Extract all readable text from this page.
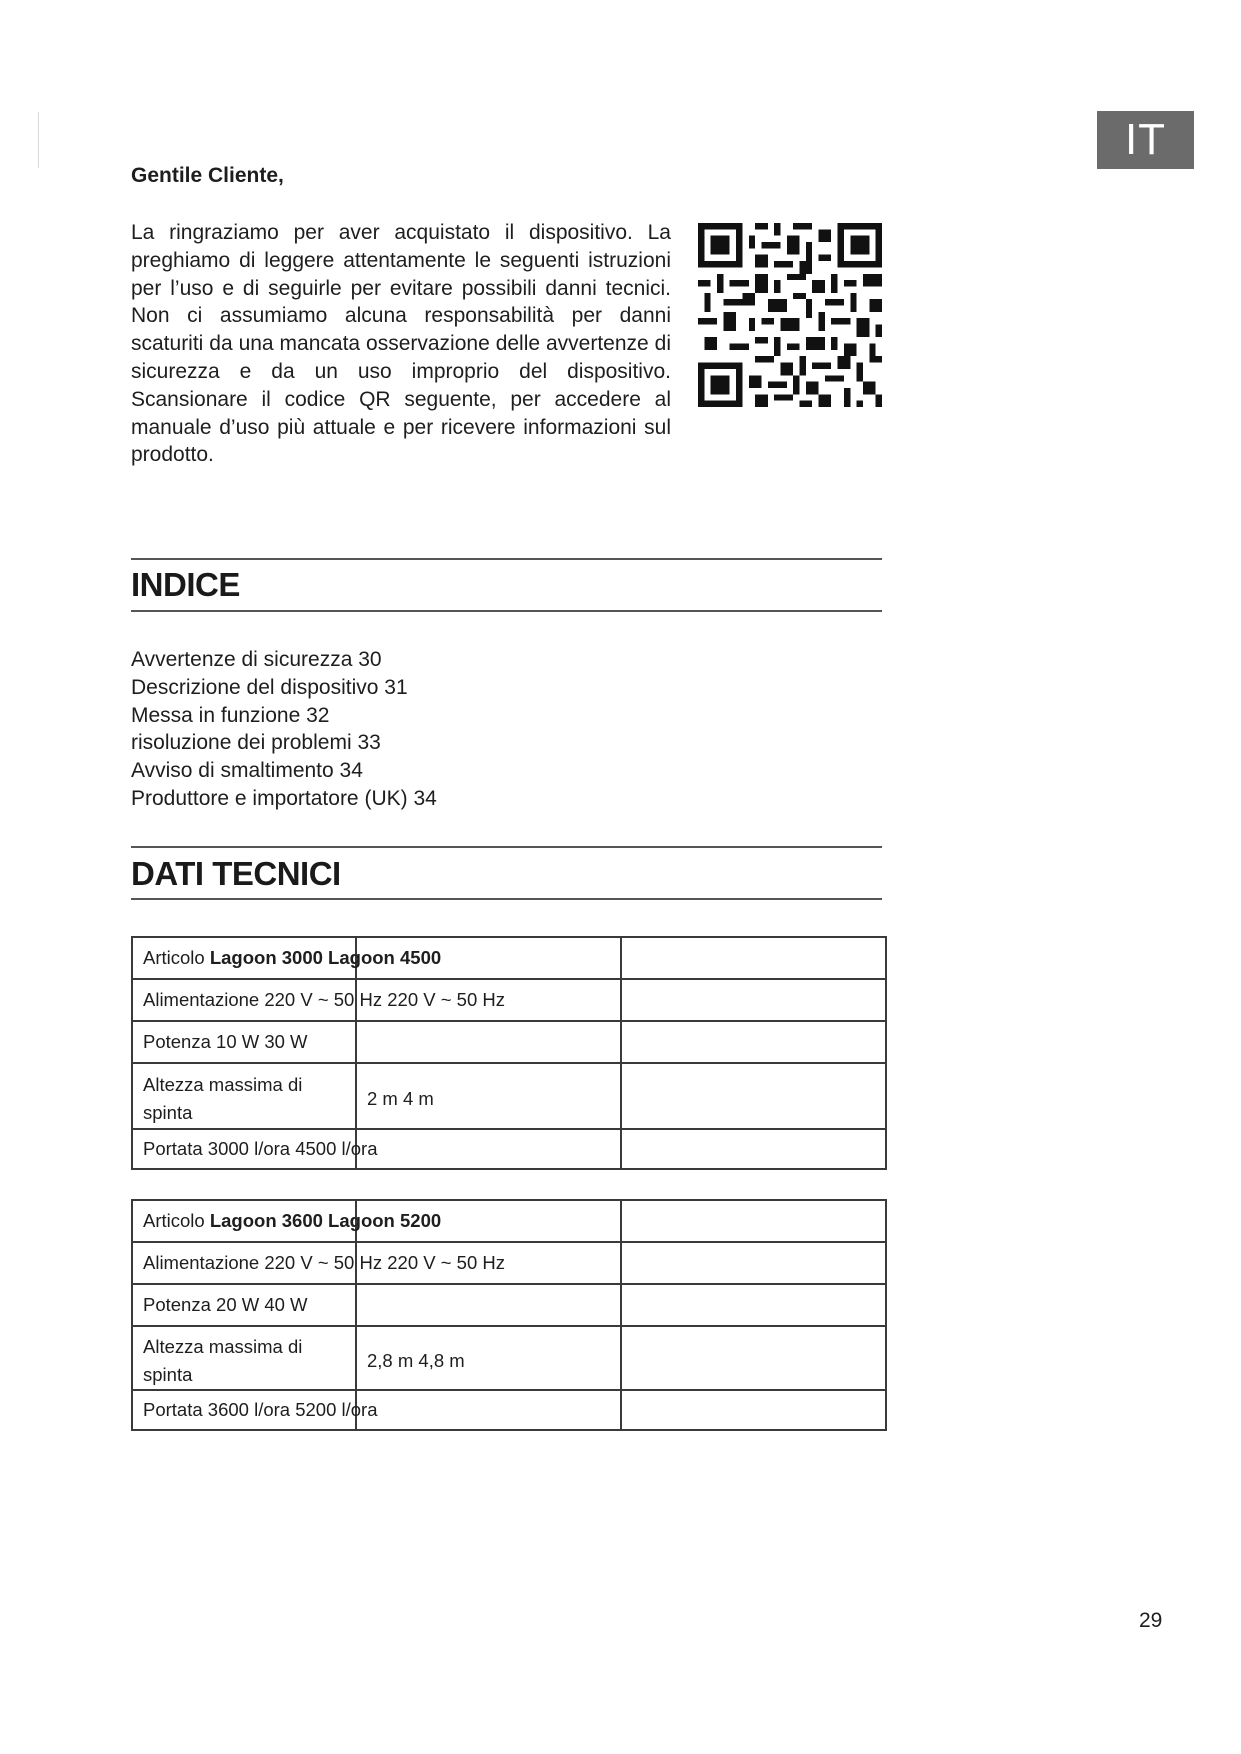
IT
Gentile Cliente,

La ringraziamo per aver acquistato il dispositivo. La preghiamo di leggere attentamente le seguenti istruzioni per l’uso e di seguirle per evitare possibili danni tecnici. Non ci assumiamo alcuna responsabilità per danni scaturiti da una mancata osservazione delle avvertenze di sicurezza e da un uso improprio del dispositivo. Scansionare il codice QR seguente, per accedere al manuale d’uso più attuale e per ricevere informazioni sul prodotto.

INDICE
Avvertenze di sicurezza 30
Descrizione del dispositivo 31
Messa in funzione 32
risoluzione dei problemi 33
Avviso di smaltimento 34
Produttore e importatore (UK) 34
DATI TECNICI
Articolo Lagoon 3000 Lagoon 4500		
Alimentazione 220 V ~ 50 Hz 220 V ~ 50 Hz		
Potenza 10 W 30 W		
Altezza massima di spinta	2 m 4 m	
Portata 3000 l/ora 4500 l/ora		
Articolo Lagoon 3600 Lagoon 5200		
Alimentazione 220 V ~ 50 Hz 220 V ~ 50 Hz		
Potenza 20 W 40 W		
Altezza massima di spinta	2,8 m 4,8 m	
Portata 3600 l/ora 5200 l/ora		
29
